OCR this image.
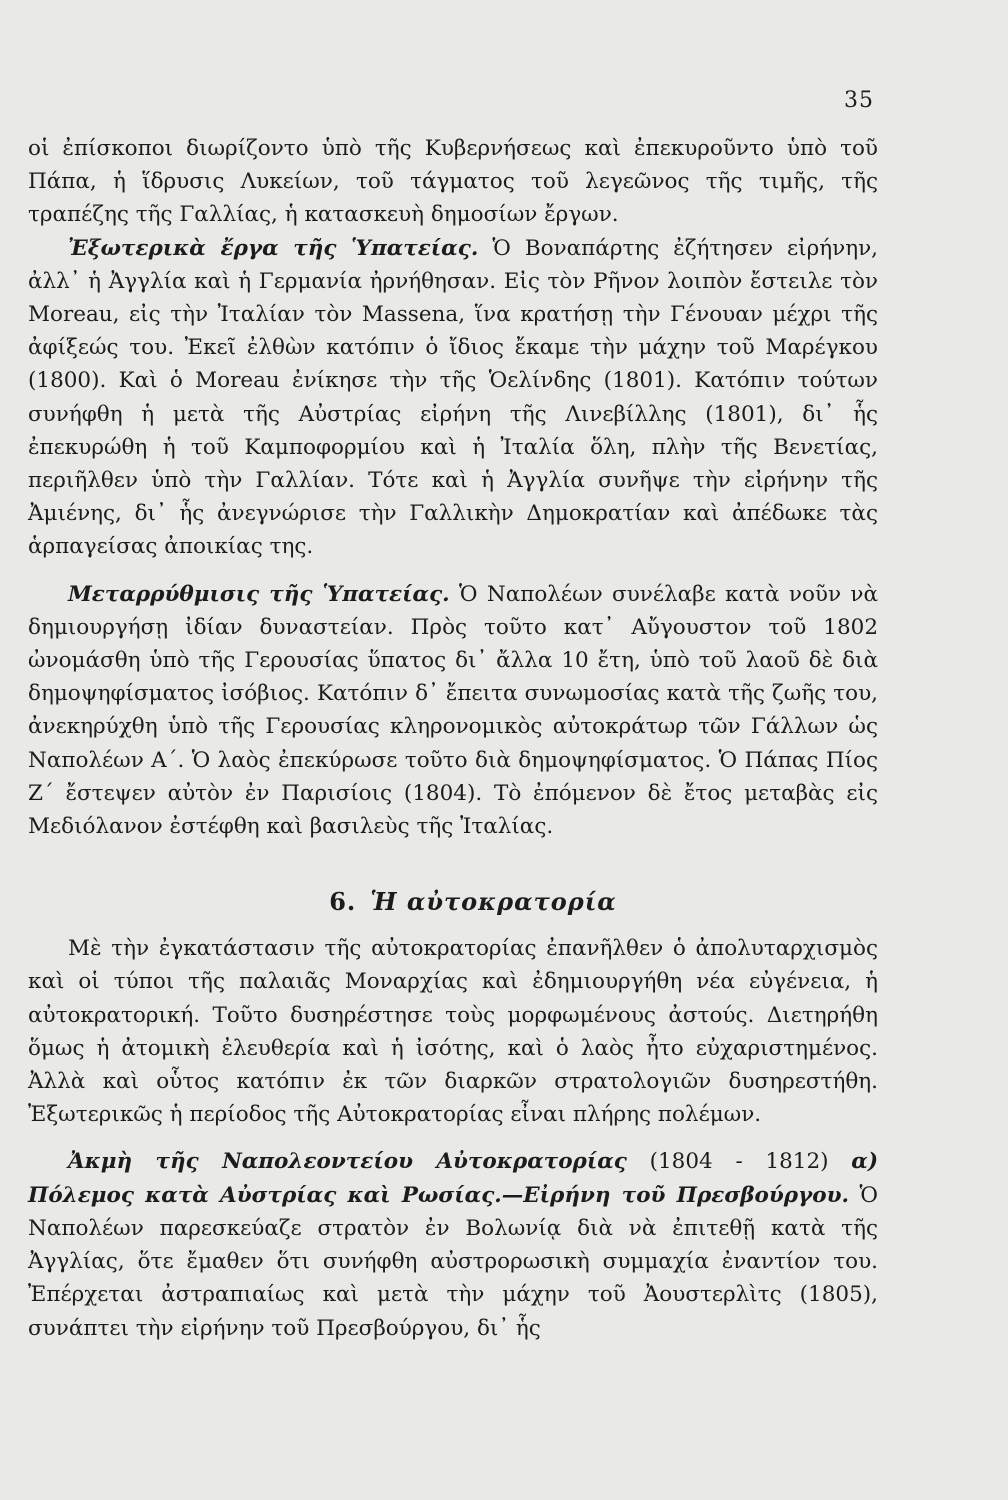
35

οἱ ἐπίσκοποι διωρίζοντο ὑπὸ τῆς Κυβερνήσεως καὶ ἐπεκυροῦντο ὑπὸ τοῦ Πάπα, ἡ ἵδρυσις Λυκείων, τοῦ τάγματος τοῦ λεγεῶνος τῆς τιμῆς, τῆς τραπέζης τῆς Γαλλίας, ἡ κατασκευὴ δημοσίων ἔργων.

Ἐξωτερικὰ ἔργα τῆς Ὑπατείας. Ὁ Βοναπάρτης ἐζήτησεν εἰρήνην, ἀλλ᾿ ἡ Ἀγγλία καὶ ἡ Γερμανία ἠρνήθησαν. Εἰς τὸν Ρῆνον λοιπὸν ἔστειλε τὸν Moreau, εἰς τὴν Ἰταλίαν τὸν Massena, ἵνα κρατήσῃ τὴν Γένουαν μέχρι τῆς ἀφίξεώς του. Ἐκεῖ ἐλθὼν κατόπιν ὁ ἴδιος ἔκαμε τὴν μάχην τοῦ Μαρέγκου (1800). Καὶ ὁ Moreau ἐνίκησε τὴν τῆς Ὁελίνδης (1801). Κατόπιν τούτων συνήφθη ἡ μετὰ τῆς Αὐστρίας εἰρήνη τῆς Λινεβίλλης (1801), δι᾿ ἧς ἐπεκυρώθη ἡ τοῦ Καμποφορμίου καὶ ἡ Ἰταλία ὅλη, πλὴν τῆς Βενετίας, περιῆλθεν ὑπὸ τὴν Γαλλίαν. Τότε καὶ ἡ Ἀγγλία συνῆψε τὴν εἰρήνην τῆς Ἀμιένης, δι᾿ ἧς ἀνεγνώρισε τὴν Γαλλικὴν Δημοκρατίαν καὶ ἀπέδωκε τὰς ἁρπαγείσας ἀποικίας της.

Μεταρρύθμισις τῆς Ὑπατείας. Ὁ Ναπολέων συνέλαβε κατὰ νοῦν νὰ δημιουργήσῃ ἰδίαν δυναστείαν. Πρὸς τοῦτο κατ᾿ Αὔγουστον τοῦ 1802 ὠνομάσθη ὑπὸ τῆς Γερουσίας ὕπατος δι᾿ ἄλλα 10 ἔτη, ὑπὸ τοῦ λαοῦ δὲ διὰ δημοψηφίσματος ἰσόβιος. Κατόπιν δ᾿ ἔπειτα συνωμοσίας κατὰ τῆς ζωῆς του, ἀνεκηρύχθη ὑπὸ τῆς Γερουσίας κληρονομικὸς αὐτοκράτωρ τῶν Γάλλων ὡς Ναπολέων Α΄. Ὁ λαὸς ἐπεκύρωσε τοῦτο διὰ δημοψηφίσματος. Ὁ Πάπας Πίος Ζ΄ ἔστεψεν αὐτὸν ἐν Παρισίοις (1804). Τὸ ἐπόμενον δὲ ἔτος μεταβὰς εἰς Μεδιόλανον ἐστέφθη καὶ βασιλεὺς τῆς Ἰταλίας.

6. Ἡ αὐτοκρατορία

Μὲ τὴν ἐγκατάστασιν τῆς αὐτοκρατορίας ἐπανῆλθεν ὁ ἀπολυταρχισμὸς καὶ οἱ τύποι τῆς παλαιᾶς Μοναρχίας καὶ ἐδημιουργήθη νέα εὐγένεια, ἡ αὐτοκρατορική. Τοῦτο δυσηρέστησε τοὺς μορφωμένους ἀστούς. Διετηρήθη ὅμως ἡ ἀτομικὴ ἐλευθερία καὶ ἡ ἰσότης, καὶ ὁ λαὸς ἦτο εὐχαριστημένος. Ἀλλὰ καὶ οὗτος κατόπιν ἐκ τῶν διαρκῶν στρατολογιῶν δυσηρεστήθη. Ἐξωτερικῶς ἡ περίοδος τῆς Αὐτοκρατορίας εἶναι πλήρης πολέμων.

Ἀκμὴ τῆς Ναπολεοντείου Αὐτοκρατορίας (1804 - 1812) α) Πόλεμος κατὰ Αὐστρίας καὶ Ρωσίας.—Εἰρήνη τοῦ Πρεσβούργου. Ὁ Ναπολέων παρεσκεύαζε στρατὸν ἐν Βολωνίᾳ διὰ νὰ ἐπιτεθῇ κατὰ τῆς Ἀγγλίας, ὅτε ἔμαθεν ὅτι συνήφθη αὐστρορωσικὴ συμμαχία ἐναντίον του. Ἐπέρχεται ἀστραπιαίως καὶ μετὰ τὴν μάχην τοῦ Ἀουστερλὶτς (1805), συνάπτει τὴν εἰρήνην τοῦ Πρεσβούργου, δι᾿ ἧς
